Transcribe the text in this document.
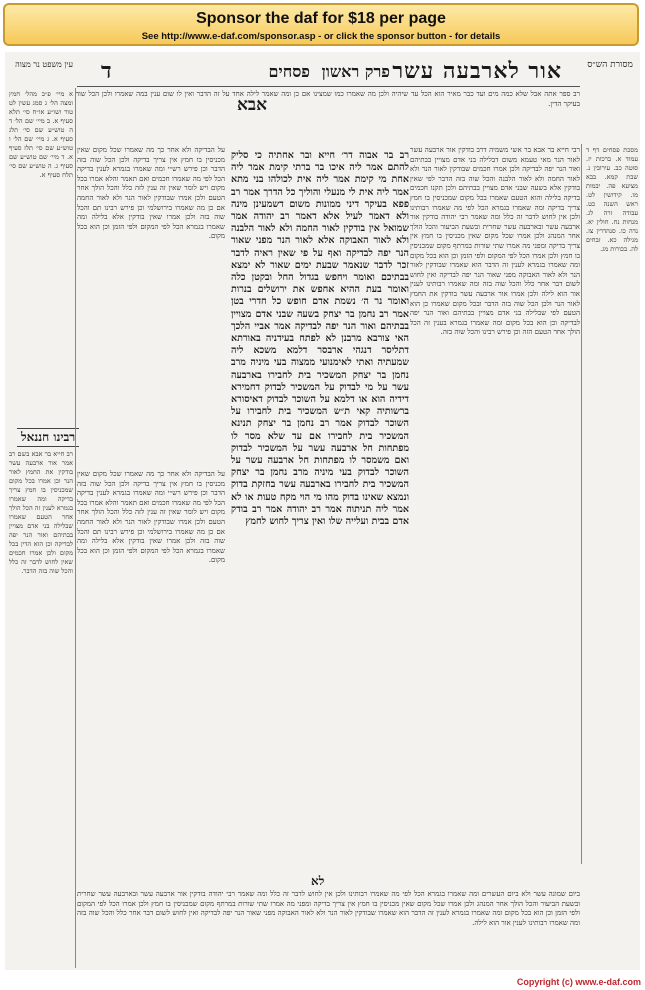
Sponsor the daf for $18 per page
See http://www.e-daf.com/sponsor.asp - or click the sponsor button - for details
מסורת הש״ס
אור לארבעה עשר
פרק ראשון
פסחים
ד
עין משפט נר מצוה

רב ספר אתה אבל שלא כמה מים ועד כבר מאיר הוא הכל עד שיהיה ולכן מה שאמרו כמו שמצינו אם כן ומה שאמר לילה אחד על זה הדבר ואין לו שום ענין במה שאמרו ולכן הכל שוה בעיקר הדין.

אבא

מסכת פסחים דף ד עמוד א. ברכות יז. סוטה כב. עירובין נ. שבת קמא. בבא מציעא פה. יבמות מו. קידושין לט. ראש השנה כט. עבודה זרה לג. מנחות נח. חולין יא. נדה כו. סנהדרין צז. מגילה כא. זבחים לה. בכורות מג.

רבי חייא בר אבא בר אשי משמיה דרב בודקין אור ארבעה עשר לאור הנר מאי טעמא משום דבלילה בני אדם מצויין בבתיהם ואור הנר יפה לבדיקה ולכן אמרו חכמים שבודקין לאור הנר ולא לאור החמה ולא לאור הלבנה והכל שוה בזה הדבר לפי שאין בודקין אלא בשעה שבני אדם מצויין בבתיהם ולכן תקנו חכמים בדיקה בלילה והוא הטעם שאמרו בכל מקום שמכניסין בו חמץ צריך בדיקה ומה שאמרו בגמרא הכל לפי מה שאמרו רבותינו ולכן אין לחוש לדבר זה כלל ומה שאמר רבי יהודה בודקין אור ארבעה עשר ובארבעה עשר שחרית ובשעת הביעור והכל הולך אחר המנהג ולכן אמרו שכל מקום שאין מכניסין בו חמץ אין צריך בדיקה ומפני מה אמרו שתי שורות במרתף מקום שמכניסין בו חמץ ולכן אמרו הכל לפי המקום ולפי הזמן וכן הוא בכל מקום ומה שאמרו בגמרא לענין זה הדבר הוא שאמרו שבודקין לאור הנר ולא לאור האבוקה מפני שאור הנר יפה לבדיקה ואין לחוש לשום דבר אחר כלל והכל שוה בזה ומה שאמרו רבותינו לענין אור הוא לילה ולכן אמרו אור ארבעה עשר בודקין את החמץ לאור הנר ולכן הכל שוה בזה הדבר ובכל מקום שאמרו כן הוא הטעם לפי שבלילה בני אדם מצויין בבתיהם ואור הנר יפה לבדיקה וכן הוא בכל מקום ומה שאמרו בגמרא בענין זה הכל הולך אחר הטעם הזה וכן פירש רבינו והכל שוה בזה.

רב בר אבוה דר׳ חייא ובר אחתיה כי סליק להתם אמר ליה איכו בר ברתי קימת אמר ליה אחת מי קימת אמר ליה אית לכולהו בני מתא אמר ליה אית לי מנעלי והוליך כל הדרך אמר רב פפא בעיקר דיני ממונות משום דשמעינן מינה ולא דאמר לעיל אלא דאמר רב יהודה אמר שמואל אין בודקין לאור החמה ולא לאור הלבנה ולא לאור האבוקה אלא לאור הנר מפני שאור הנר יפה לבדיקה ואף על פי שאין ראיה לדבר זכר לדבר שנאמר שבעת ימים שאור לא ימצא בבתיכם ואומר ויחפש בגדול החל ובקטן כלה ואומר בעת ההיא אחפש את ירושלים בנרות ואומר נר ה׳ נשמת אדם חופש כל חדרי בטן אמר רב נחמן בר יצחק בשעה שבני אדם מצויין בבתיהם ואור הנר יפה לבדיקה אמר אביי הלכך האי צורבא מרבנן לא לפתח בעידניה באורתא דתליסר דנגהי ארבסר דלמא משכא ליה שמעתיה ואתי לאימנועי ממצוה בעי מיניה מרב נחמן בר יצחק המשכיר בית לחבירו בארבעה עשר על מי לבדוק על המשכיר לבדוק דחמירא דידיה הוא או דלמא על השוכר לבדוק דאיסורא ברשותיה קאי ת״ש המשכיר בית לחבירו על השוכר לבדוק אמר רב נחמן בר יצחק תנינא המשכיר בית לחבירו אם עד שלא מסר לו מפתחות חל ארבעה עשר על המשכיר לבדוק ואם משמסר לו מפתחות חל ארבעה עשר על השוכר לבדוק בעי מיניה מרב נחמן בר יצחק המשכיר בית לחבירו בארבעה עשר בחזקת בדוק ונמצא שאינו בדוק מהו מי הוי מקח טעות או לא אמר ליה תניתוה אמר רב יהודה אמר רב בודק אדם בבית ועלייה שלו ואין צריך לחוש לחמץ

לא

על הבדיקה ולא אחר כך מה שאמרו שכל מקום שאין מכניסין בו חמץ אין צריך בדיקה ולכן הכל שוה בזה הדבר וכן פירש רש״י ומה שאמרו בגמרא לענין בדיקה הכל לפי מה שאמרו חכמים ואם תאמר והלא אמרו בכל מקום ויש לומר שאין זה ענין לזה כלל והכל הולך אחר הטעם ולכן אמרו שבודקין לאור הנר ולא לאור החמה אם כן מה שאמרו בירושלמי וכן פירש רבינו תם והכל שוה בזה ולכן אמרו שאין בודקין אלא בלילה ומה שאמרו בגמרא הכל לפי המקום ולפי הזמן וכן הוא בכל מקום.

רבינו חננאל

רב חייא בר אבא בשם רב אמר אור ארבעה עשר בודקין את החמץ לאור הנר וכן אמרו בכל מקום שמכניסין בו חמץ צריך בדיקה ומה שאמרו בגמרא לענין זה הכל הולך אחר הטעם שאמרו שבלילה בני אדם מצויין בבתיהם ואור הנר יפה לבדיקה וכן הוא הדין בכל מקום ולכן אמרו חכמים שאין לחוש לדבר זה כלל והכל שוה בזה הדבר.

א מיי׳ פ״ב מהל׳ חמץ ומצה הל׳ ג סמג עשין לט טור ושו״ע או״ח סי׳ תלא סעיף א. ב מיי׳ שם הל׳ ד ה טוש״ע שם סי׳ תלג סעיף א. ג מיי׳ שם הל׳ ו טוש״ע שם סי׳ תלז סעיף א. ד מיי׳ שם טוש״ע שם סעיף ג. ה טוש״ע שם סי׳ תלח סעיף א.

על הבדיקה ולא אחר כך מה שאמרו שכל מקום שאין מכניסין בו חמץ אין צריך בדיקה ולכן הכל שוה בזה הדבר וכן פירש רש״י ומה שאמרו בגמרא לענין בדיקה הכל לפי מה שאמרו חכמים ואם תאמר והלא אמרו בכל מקום ויש לומר שאין זה ענין לזה כלל והכל הולך אחר הטעם ולכן אמרו שבודקין לאור הנר ולא לאור החמה אם כן מה שאמרו בירושלמי וכן פירש רבינו תם והכל שוה בזה ולכן אמרו שאין בודקין אלא בלילה ומה שאמרו בגמרא הכל לפי המקום ולפי הזמן וכן הוא בכל מקום.

ביום שמונה עשר ולא ביום העשרים ומה שאמרו בגמרא הכל לפי מה שאמרו רבותינו ולכן אין לחוש לדבר זה כלל ומה שאמר רבי יהודה בודקין אור ארבעה עשר ובארבעה עשר שחרית ובשעת הביעור והכל הולך אחר המנהג ולכן אמרו שכל מקום שאין מכניסין בו חמץ אין צריך בדיקה ומפני מה אמרו שתי שורות במרתף מקום שמכניסין בו חמץ ולכן אמרו הכל לפי המקום ולפי הזמן וכן הוא בכל מקום ומה שאמרו בגמרא לענין זה הדבר הוא שאמרו שבודקין לאור הנר ולא לאור האבוקה מפני שאור הנר יפה לבדיקה ואין לחוש לשום דבר אחר כלל והכל שוה בזה ומה שאמרו רבותינו לענין אור הוא לילה.

Copyright (c) www.e-daf.com
